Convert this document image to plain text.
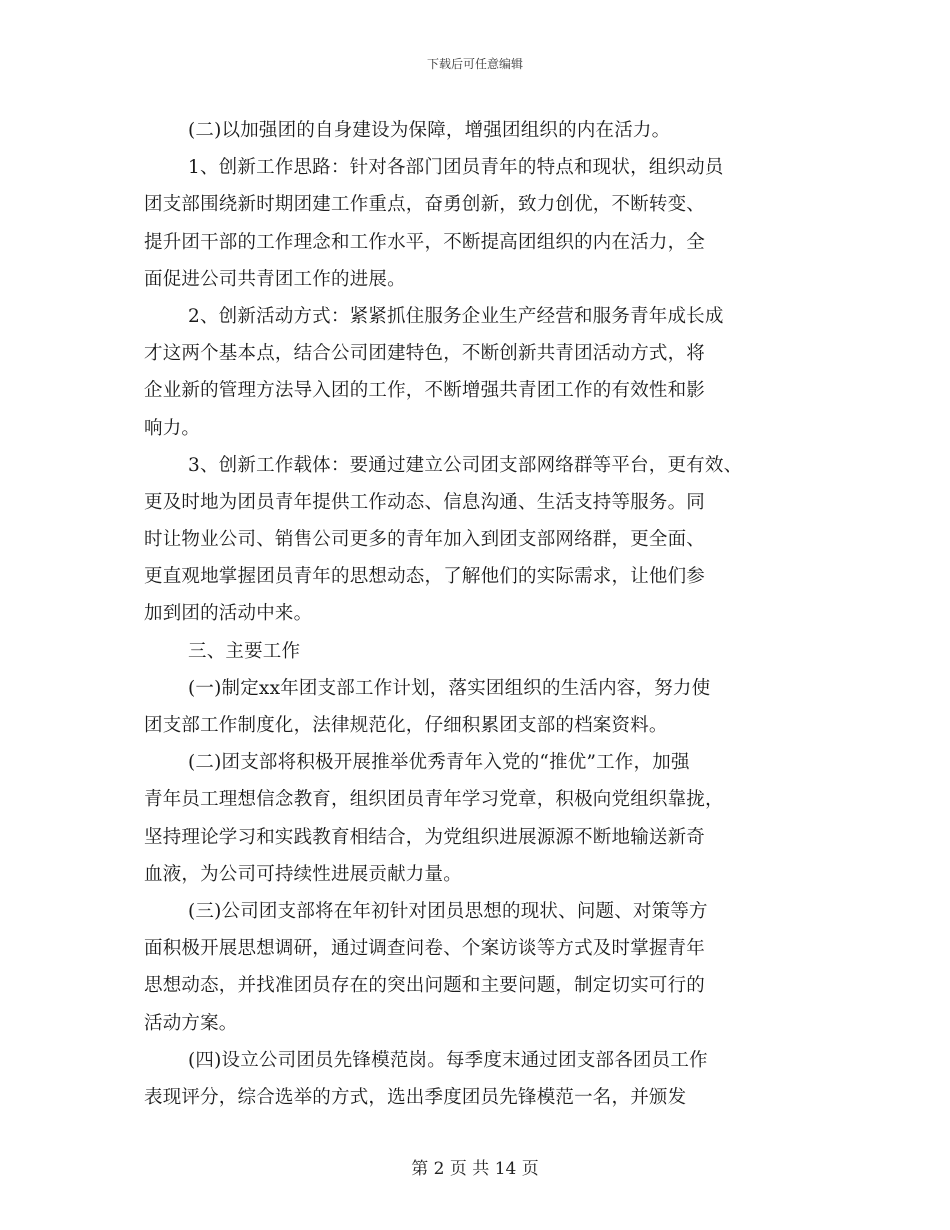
下载后可任意编辑
(二)以加强团的自身建设为保障，增强团组织的内在活力。
1、创新工作思路：针对各部门团员青年的特点和现状，组织动员
团支部围绕新时期团建工作重点，奋勇创新，致力创优，不断转变、
提升团干部的工作理念和工作水平，不断提高团组织的内在活力，全
面促进公司共青团工作的进展。
2、创新活动方式：紧紧抓住服务企业生产经营和服务青年成长成
才这两个基本点，结合公司团建特色，不断创新共青团活动方式，将
企业新的管理方法导入团的工作，不断增强共青团工作的有效性和影
响力。
3、创新工作载体：要通过建立公司团支部网络群等平台，更有效、
更及时地为团员青年提供工作动态、信息沟通、生活支持等服务。同
时让物业公司、销售公司更多的青年加入到团支部网络群，更全面、
更直观地掌握团员青年的思想动态，了解他们的实际需求，让他们参
加到团的活动中来。
三、主要工作
(一)制定xx年团支部工作计划，落实团组织的生活内容，努力使
团支部工作制度化，法律规范化，仔细积累团支部的档案资料。
(二)团支部将积极开展推举优秀青年入党的“推优”工作，加强
青年员工理想信念教育，组织团员青年学习党章，积极向党组织靠拢，
坚持理论学习和实践教育相结合，为党组织进展源源不断地输送新奇
血液，为公司可持续性进展贡献力量。
(三)公司团支部将在年初针对团员思想的现状、问题、对策等方
面积极开展思想调研，通过调查问卷、个案访谈等方式及时掌握青年
思想动态，并找准团员存在的突出问题和主要问题，制定切实可行的
活动方案。
(四)设立公司团员先锋模范岗。每季度末通过团支部各团员工作
表现评分，综合选举的方式，选出季度团员先锋模范一名，并颁发
第 2 页 共 14 页
